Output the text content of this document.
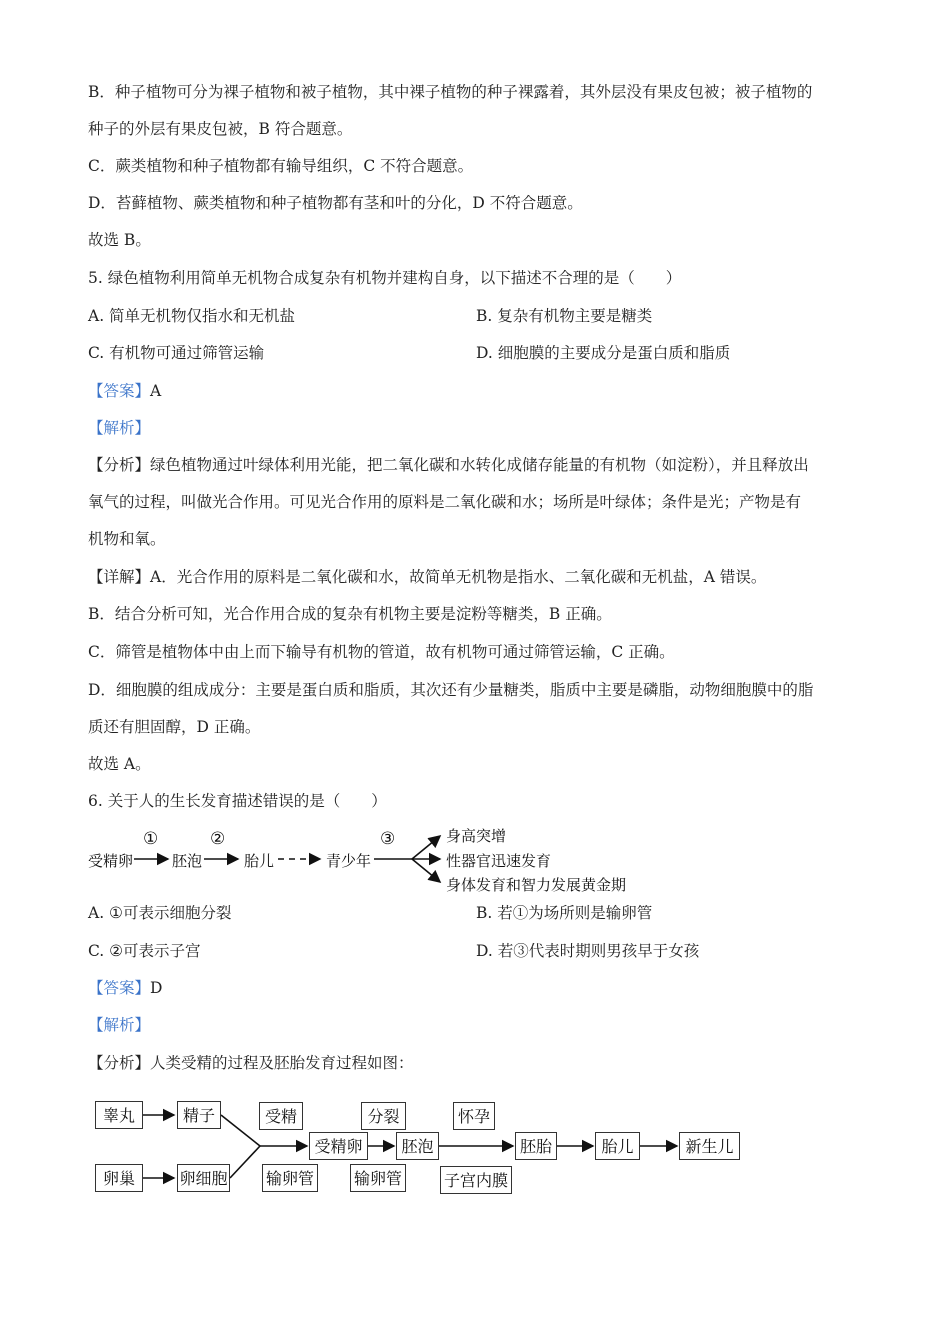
B．种子植物可分为裸子植物和被子植物，其中裸子植物的种子裸露着，其外层没有果皮包被；被子植物的
种子的外层有果皮包被，B 符合题意。
C．蕨类植物和种子植物都有输导组织，C 不符合题意。
D．苔藓植物、蕨类植物和种子植物都有茎和叶的分化，D 不符合题意。
故选 B。
5. 绿色植物利用简单无机物合成复杂有机物并建构自身，以下描述不合理的是（　　）
A. 简单无机物仅指水和无机盐	B. 复杂有机物主要是糖类
C. 有机物可通过筛管运输	D. 细胞膜的主要成分是蛋白质和脂质
【答案】A
【解析】
【分析】绿色植物通过叶绿体利用光能，把二氧化碳和水转化成储存能量的有机物（如淀粉），并且释放出
氧气的过程，叫做光合作用。可见光合作用的原料是二氧化碳和水；场所是叶绿体；条件是光；产物是有
机物和氧。
【详解】A．光合作用的原料是二氧化碳和水，故简单无机物是指水、二氧化碳和无机盐，A 错误。
B．结合分析可知，光合作用合成的复杂有机物主要是淀粉等糖类，B 正确。
C．筛管是植物体中由上而下输导有机物的管道，故有机物可通过筛管运输，C 正确。
D．细胞膜的组成成分：主要是蛋白质和脂质，其次还有少量糖类，脂质中主要是磷脂，动物细胞膜中的脂
质还有胆固醇，D 正确。
故选 A。
6. 关于人的生长发育描述错误的是（　　）
受精卵	胚泡	胎儿	青少年
①	②	③	身高突增
性器官迅速发育
身体发育和智力发展黄金期
A. ①可表示细胞分裂	B. 若①为场所则是输卵管
C. ②可表示子宫	D. 若③代表时期则男孩早于女孩
【答案】D
【解析】
【分析】人类受精的过程及胚胎发育过程如图：
睾丸	精子
卵巢	卵细胞
受精
受精卵
分裂
胚泡
怀孕
胚胎	胎儿	新生儿
输卵管 输卵管	子宫内膜
